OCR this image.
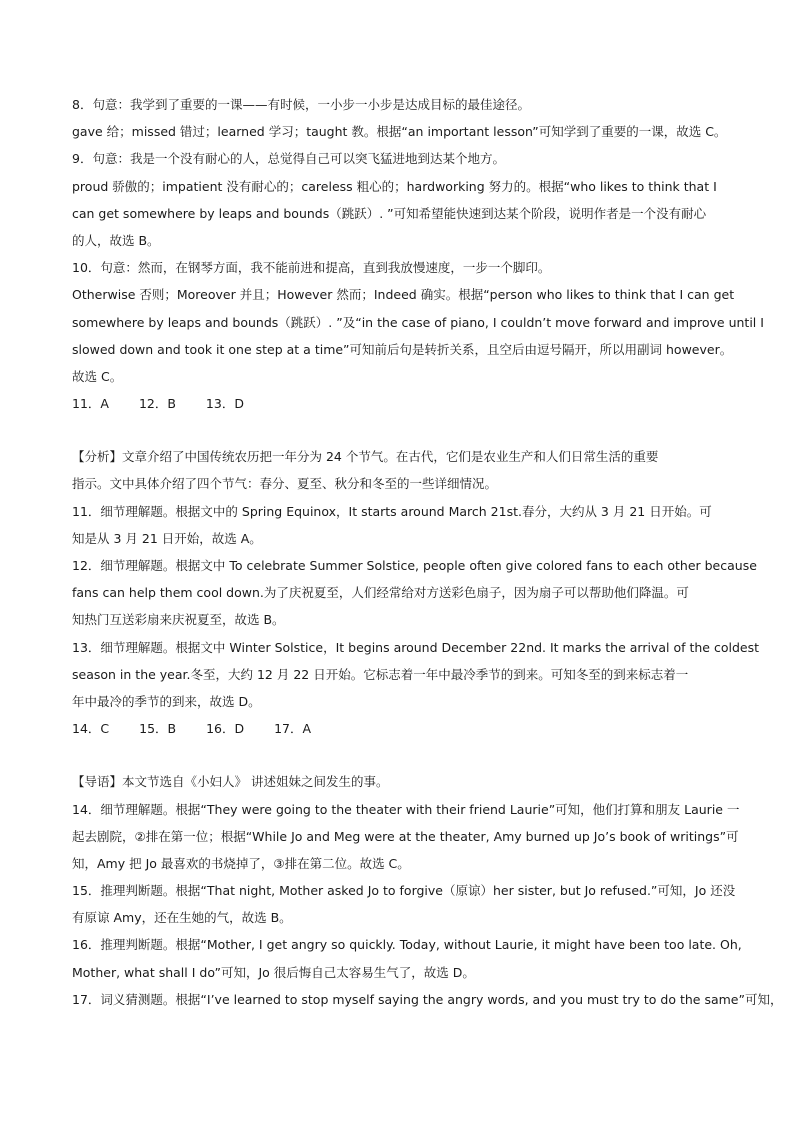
8．句意：我学到了重要的一课——有时候，一小步一小步是达成目标的最佳途径。
gave 给；missed 错过；learned 学习；taught 教。根据“an important lesson”可知学到了重要的一课，故选 C。
9．句意：我是一个没有耐心的人，总觉得自己可以突飞猛进地到达某个地方。
proud 骄傲的；impatient 没有耐心的；careless 粗心的；hardworking 努力的。根据“who likes to think that I
can get somewhere by leaps and bounds（跳跃）. ”可知希望能快速到达某个阶段，说明作者是一个没有耐心
的人，故选 B。
10．句意：然而，在钢琴方面，我不能前进和提高，直到我放慢速度，一步一个脚印。
Otherwise 否则；Moreover 并且；However 然而；Indeed 确实。根据“person who likes to think that I can get
somewhere by leaps and bounds（跳跃）. ”及“in the case of piano, I couldn’t move forward and improve until I
slowed down and took it one step at a time”可知前后句是转折关系，且空后由逗号隔开，所以用副词 however。
故选 C。
11．A 12．B 13．D
【分析】文章介绍了中国传统农历把一年分为 24 个节气。在古代，它们是农业生产和人们日常生活的重要
指示。文中具体介绍了四个节气：春分、夏至、秋分和冬至的一些详细情况。
11．细节理解题。根据文中的 Spring Equinox，It starts around March 21st.春分，大约从 3 月 21 日开始。可
知是从 3 月 21 日开始，故选 A。
12．细节理解题。根据文中 To celebrate Summer Solstice, people often give colored fans to each other because
fans can help them cool down.为了庆祝夏至，人们经常给对方送彩色扇子，因为扇子可以帮助他们降温。可
知热门互送彩扇来庆祝夏至，故选 B。
13．细节理解题。根据文中 Winter Solstice，It begins around December 22nd. It marks the arrival of the coldest
season in the year.冬至，大约 12 月 22 日开始。它标志着一年中最冷季节的到来。可知冬至的到来标志着一
年中最冷的季节的到来，故选 D。
14．C 15．B 16．D 17．A
【导语】本文节选自《小妇人》 讲述姐妹之间发生的事。
14．细节理解题。根据“They were going to the theater with their friend Laurie”可知，他们打算和朋友 Laurie 一
起去剧院，②排在第一位；根据“While Jo and Meg were at the theater, Amy burned up Jo’s book of writings”可
知，Amy 把 Jo 最喜欢的书烧掉了，③排在第二位。故选 C。
15．推理判断题。根据“That night, Mother asked Jo to forgive（原谅）her sister, but Jo refused.”可知，Jo 还没
有原谅 Amy，还在生她的气，故选 B。
16．推理判断题。根据“Mother, I get angry so quickly. Today, without Laurie, it might have been too late. Oh,
Mother, what shall I do”可知，Jo 很后悔自己太容易生气了，故选 D。
17．词义猜测题。根据“I’ve learned to stop myself saying the angry words, and you must try to do the same”可知，
